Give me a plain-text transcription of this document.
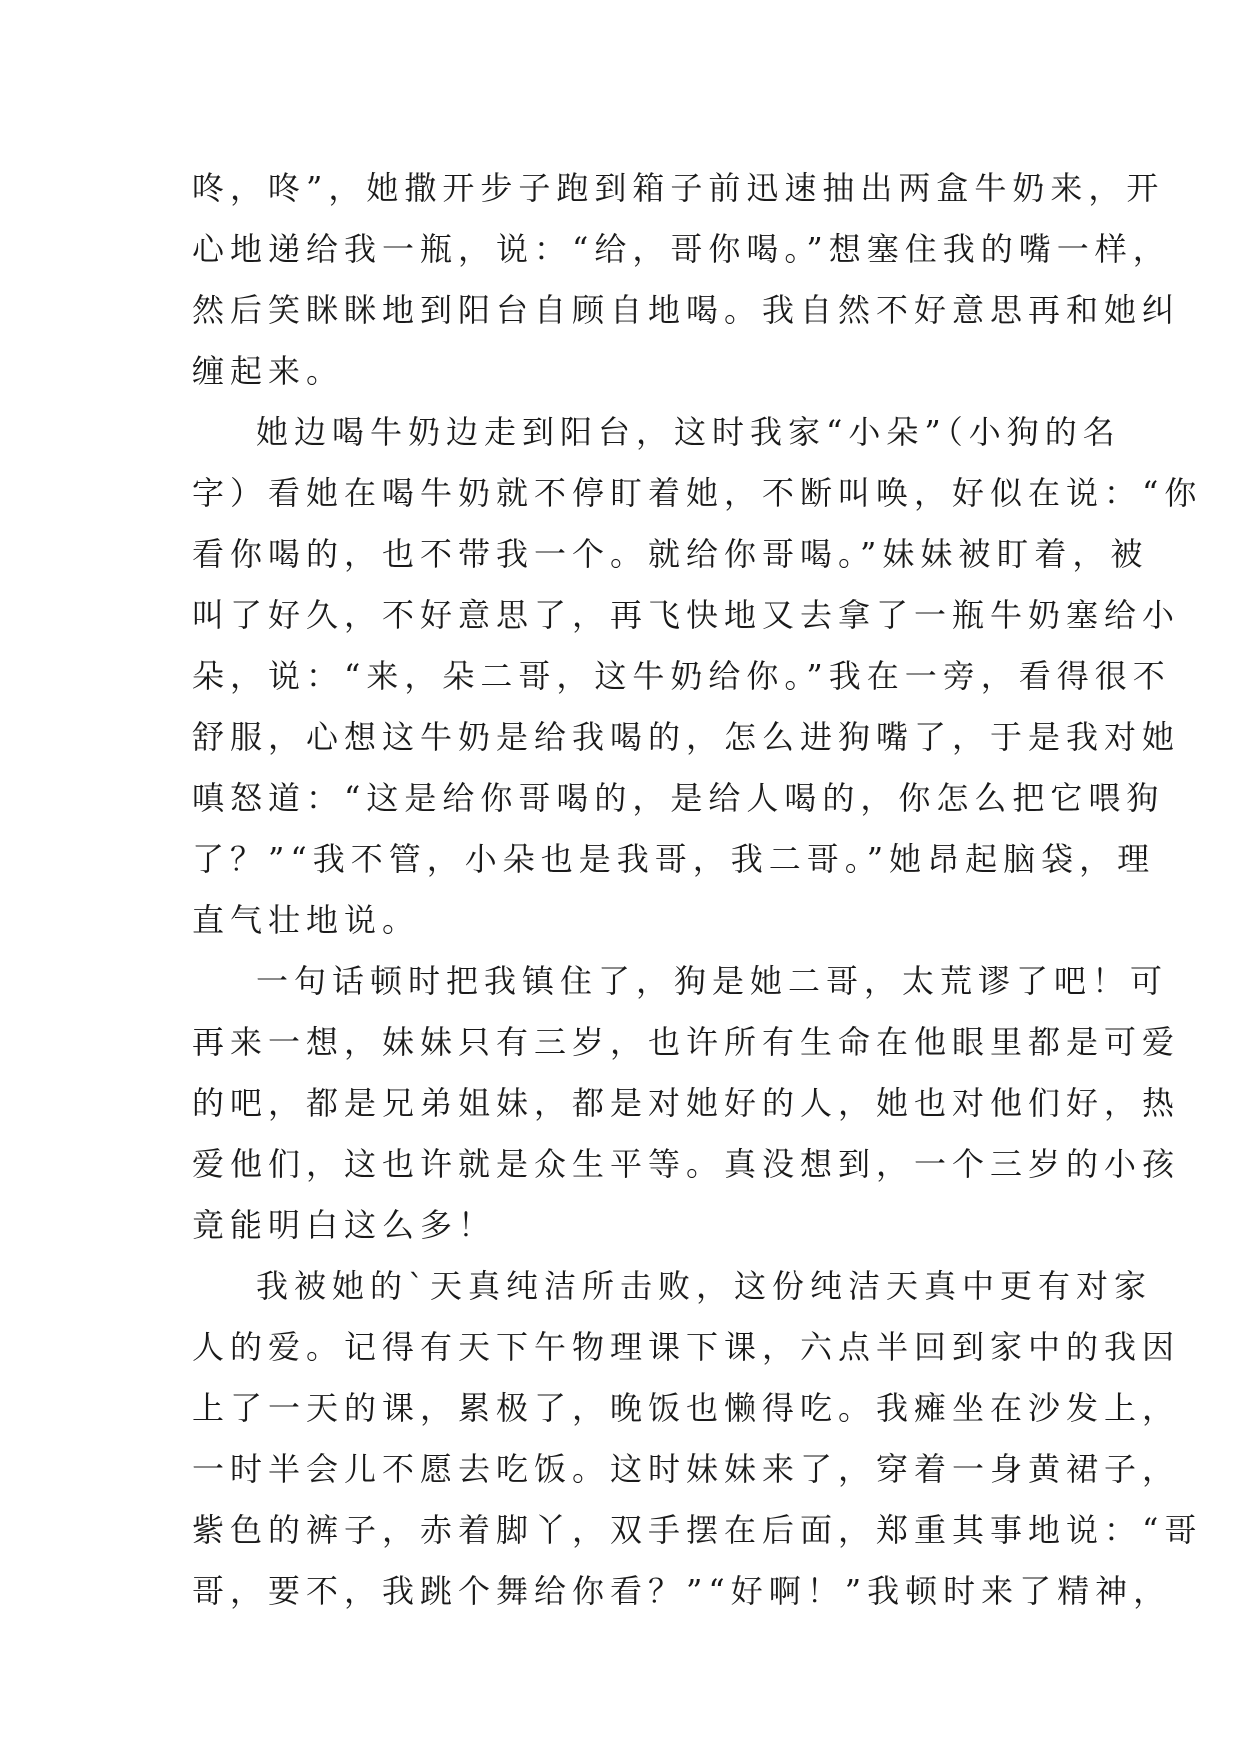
咚，咚”，她撒开步子跑到箱子前迅速抽出两盒牛奶来，开
心地递给我一瓶，说：“给，哥你喝。”想塞住我的嘴一样，
然后笑眯眯地到阳台自顾自地喝。我自然不好意思再和她纠
缠起来。
她边喝牛奶边走到阳台，这时我家“小朵”（小狗的名
字）看她在喝牛奶就不停盯着她，不断叫唤，好似在说：“你
看你喝的，也不带我一个。就给你哥喝。”妹妹被盯着，被
叫了好久，不好意思了，再飞快地又去拿了一瓶牛奶塞给小
朵，说：“来，朵二哥，这牛奶给你。”我在一旁，看得很不
舒服，心想这牛奶是给我喝的，怎么进狗嘴了，于是我对她
嗔怒道：“这是给你哥喝的，是给人喝的，你怎么把它喂狗
了？”“我不管，小朵也是我哥，我二哥。”她昂起脑袋，理
直气壮地说。
一句话顿时把我镇住了，狗是她二哥，太荒谬了吧！可
再来一想，妹妹只有三岁，也许所有生命在他眼里都是可爱
的吧，都是兄弟姐妹，都是对她好的人，她也对他们好，热
爱他们，这也许就是众生平等。真没想到，一个三岁的小孩
竟能明白这么多！
我被她的`天真纯洁所击败，这份纯洁天真中更有对家
人的爱。记得有天下午物理课下课，六点半回到家中的我因
上了一天的课，累极了，晚饭也懒得吃。我瘫坐在沙发上，
一时半会儿不愿去吃饭。这时妹妹来了，穿着一身黄裙子，
紫色的裤子，赤着脚丫，双手摆在后面，郑重其事地说：“哥
哥，要不，我跳个舞给你看？”“好啊！”我顿时来了精神，
